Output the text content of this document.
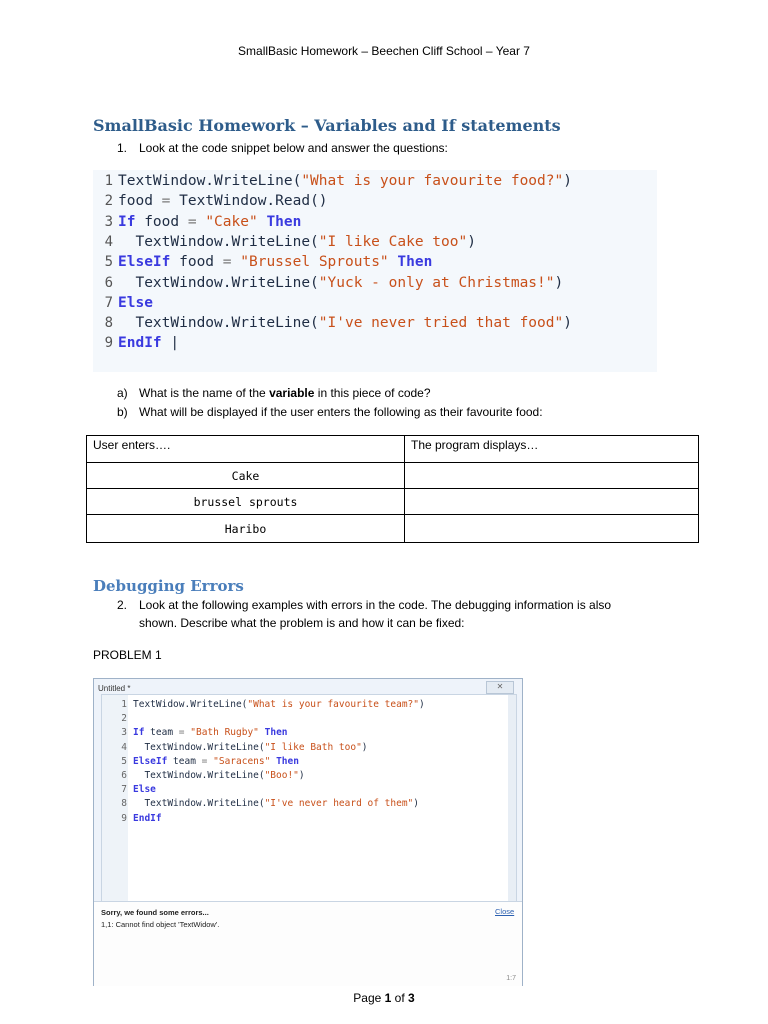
SmallBasic Homework – Beechen Cliff School – Year 7
SmallBasic Homework – Variables and If statements
1. Look at the code snippet below and answer the questions:
1 TextWindow.WriteLine("What is your favourite food?")
2 food = TextWindow.Read()
3 If food = "Cake" Then
4 TextWindow.WriteLine("I like Cake too")
5 ElseIf food = "Brussel Sprouts" Then
6 TextWindow.WriteLine("Yuck - only at Christmas!")
7 Else
8 TextWindow.WriteLine("I've never tried that food")
9 EndIf |
a) What is the name of the variable in this piece of code?
b) What will be displayed if the user enters the following as their favourite food:
User enters….	The program displays…
Cake	
brussel sprouts	
Haribo	
Debugging Errors
2. Look at the following examples with errors in the code. The debugging information is also
shown. Describe what the problem is and how it can be fixed:
PROBLEM 1
Untitled *	✕
1 TextWidow.WriteLine("What is your favourite team?")
2
3 If team = "Bath Rugby" Then
4  TextWindow.WriteLine("I like Bath too")
5 ElseIf team = "Saracens" Then
6  TextWindow.WriteLine("Boo!")
7 Else
8  TextWindow.WriteLine("I've never heard of them")
9 EndIf
Sorry, we found some errors...	Close
1,1: Cannot find object 'TextWidow'.
1:7
Page 1 of 3
